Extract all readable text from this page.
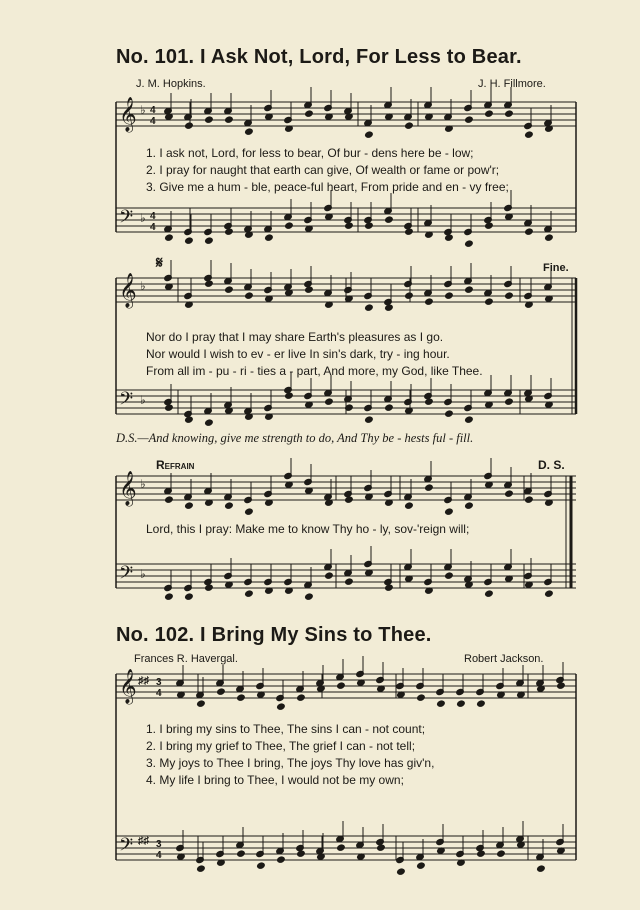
No. 101. I Ask Not, Lord, For Less to Bear.
J. M. Hopkins.	J. H. Fillmore.
𝄞
𝄢
♭
♭
4
4
4
4
1. I ask not, Lord, for less to bear, Of bur - dens here be - low;
2. I pray for naught that earth can give, Of wealth or fame or pow'r;
3. Give me a hum - ble, peace-ful heart, From pride and en - vy free;
𝄋	Fine.
𝄞
𝄢
♭
♭
Nor do I pray that I may share Earth's pleasures as I go.
Nor would I wish to ev - er live In sin's dark, try - ing hour.
From all im - pu - ri - ties a - part, And more, my God, like Thee.
D.S.—And knowing, give me strength to do, And Thy be - hests ful - fill.
Refrain	D. S.
𝄞
𝄢
♭
♭
Lord, this I pray: Make me to know Thy ho - ly, sov-'reign will;
No. 102. I Bring My Sins to Thee.
Frances R. Havergal.	Robert Jackson.
𝄞
𝄢
♯♯
♯♯
3
4
3
4
1. I bring my sins to Thee, The sins I can - not count;
2. I bring my grief to Thee, The grief I can - not tell;
3. My joys to Thee I bring, The joys Thy love has giv'n,
4. My life I bring to Thee, I would not be my own;
